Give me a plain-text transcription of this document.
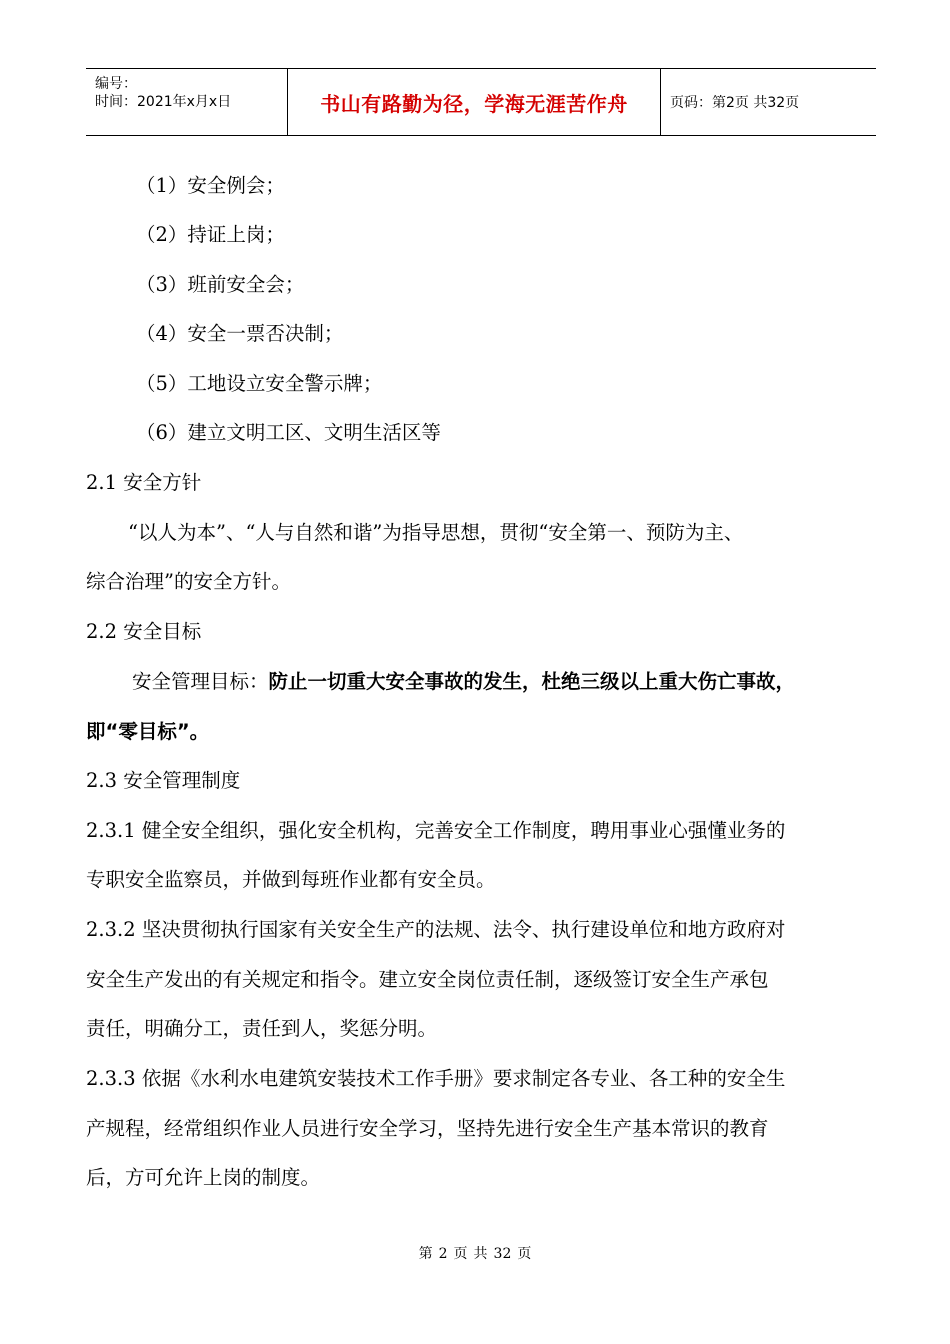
编号：
时间：2021年x月x日	书山有路勤为径，学海无涯苦作舟	页码：第2页 共32页
（1）安全例会；
（2）持证上岗；
（3）班前安全会；
（4）安全一票否决制；
（5）工地设立安全警示牌；
（6）建立文明工区、文明生活区等
2.1 安全方针
“以人为本”、“人与自然和谐”为指导思想，贯彻“安全第一、预防为主、
综合治理”的安全方针。
2.2 安全目标
安全管理目标：防止一切重大安全事故的发生，杜绝三级以上重大伤亡事故，
即“零目标”。
2.3 安全管理制度
2.3.1 健全安全组织，强化安全机构，完善安全工作制度，聘用事业心强懂业务的
专职安全监察员，并做到每班作业都有安全员。
2.3.2 坚决贯彻执行国家有关安全生产的法规、法令、执行建设单位和地方政府对
安全生产发出的有关规定和指令。建立安全岗位责任制，逐级签订安全生产承包
责任，明确分工，责任到人，奖惩分明。
2.3.3 依据《水利水电建筑安装技术工作手册》要求制定各专业、各工种的安全生
产规程，经常组织作业人员进行安全学习，坚持先进行安全生产基本常识的教育
后，方可允许上岗的制度。
第 2 页 共 32 页
